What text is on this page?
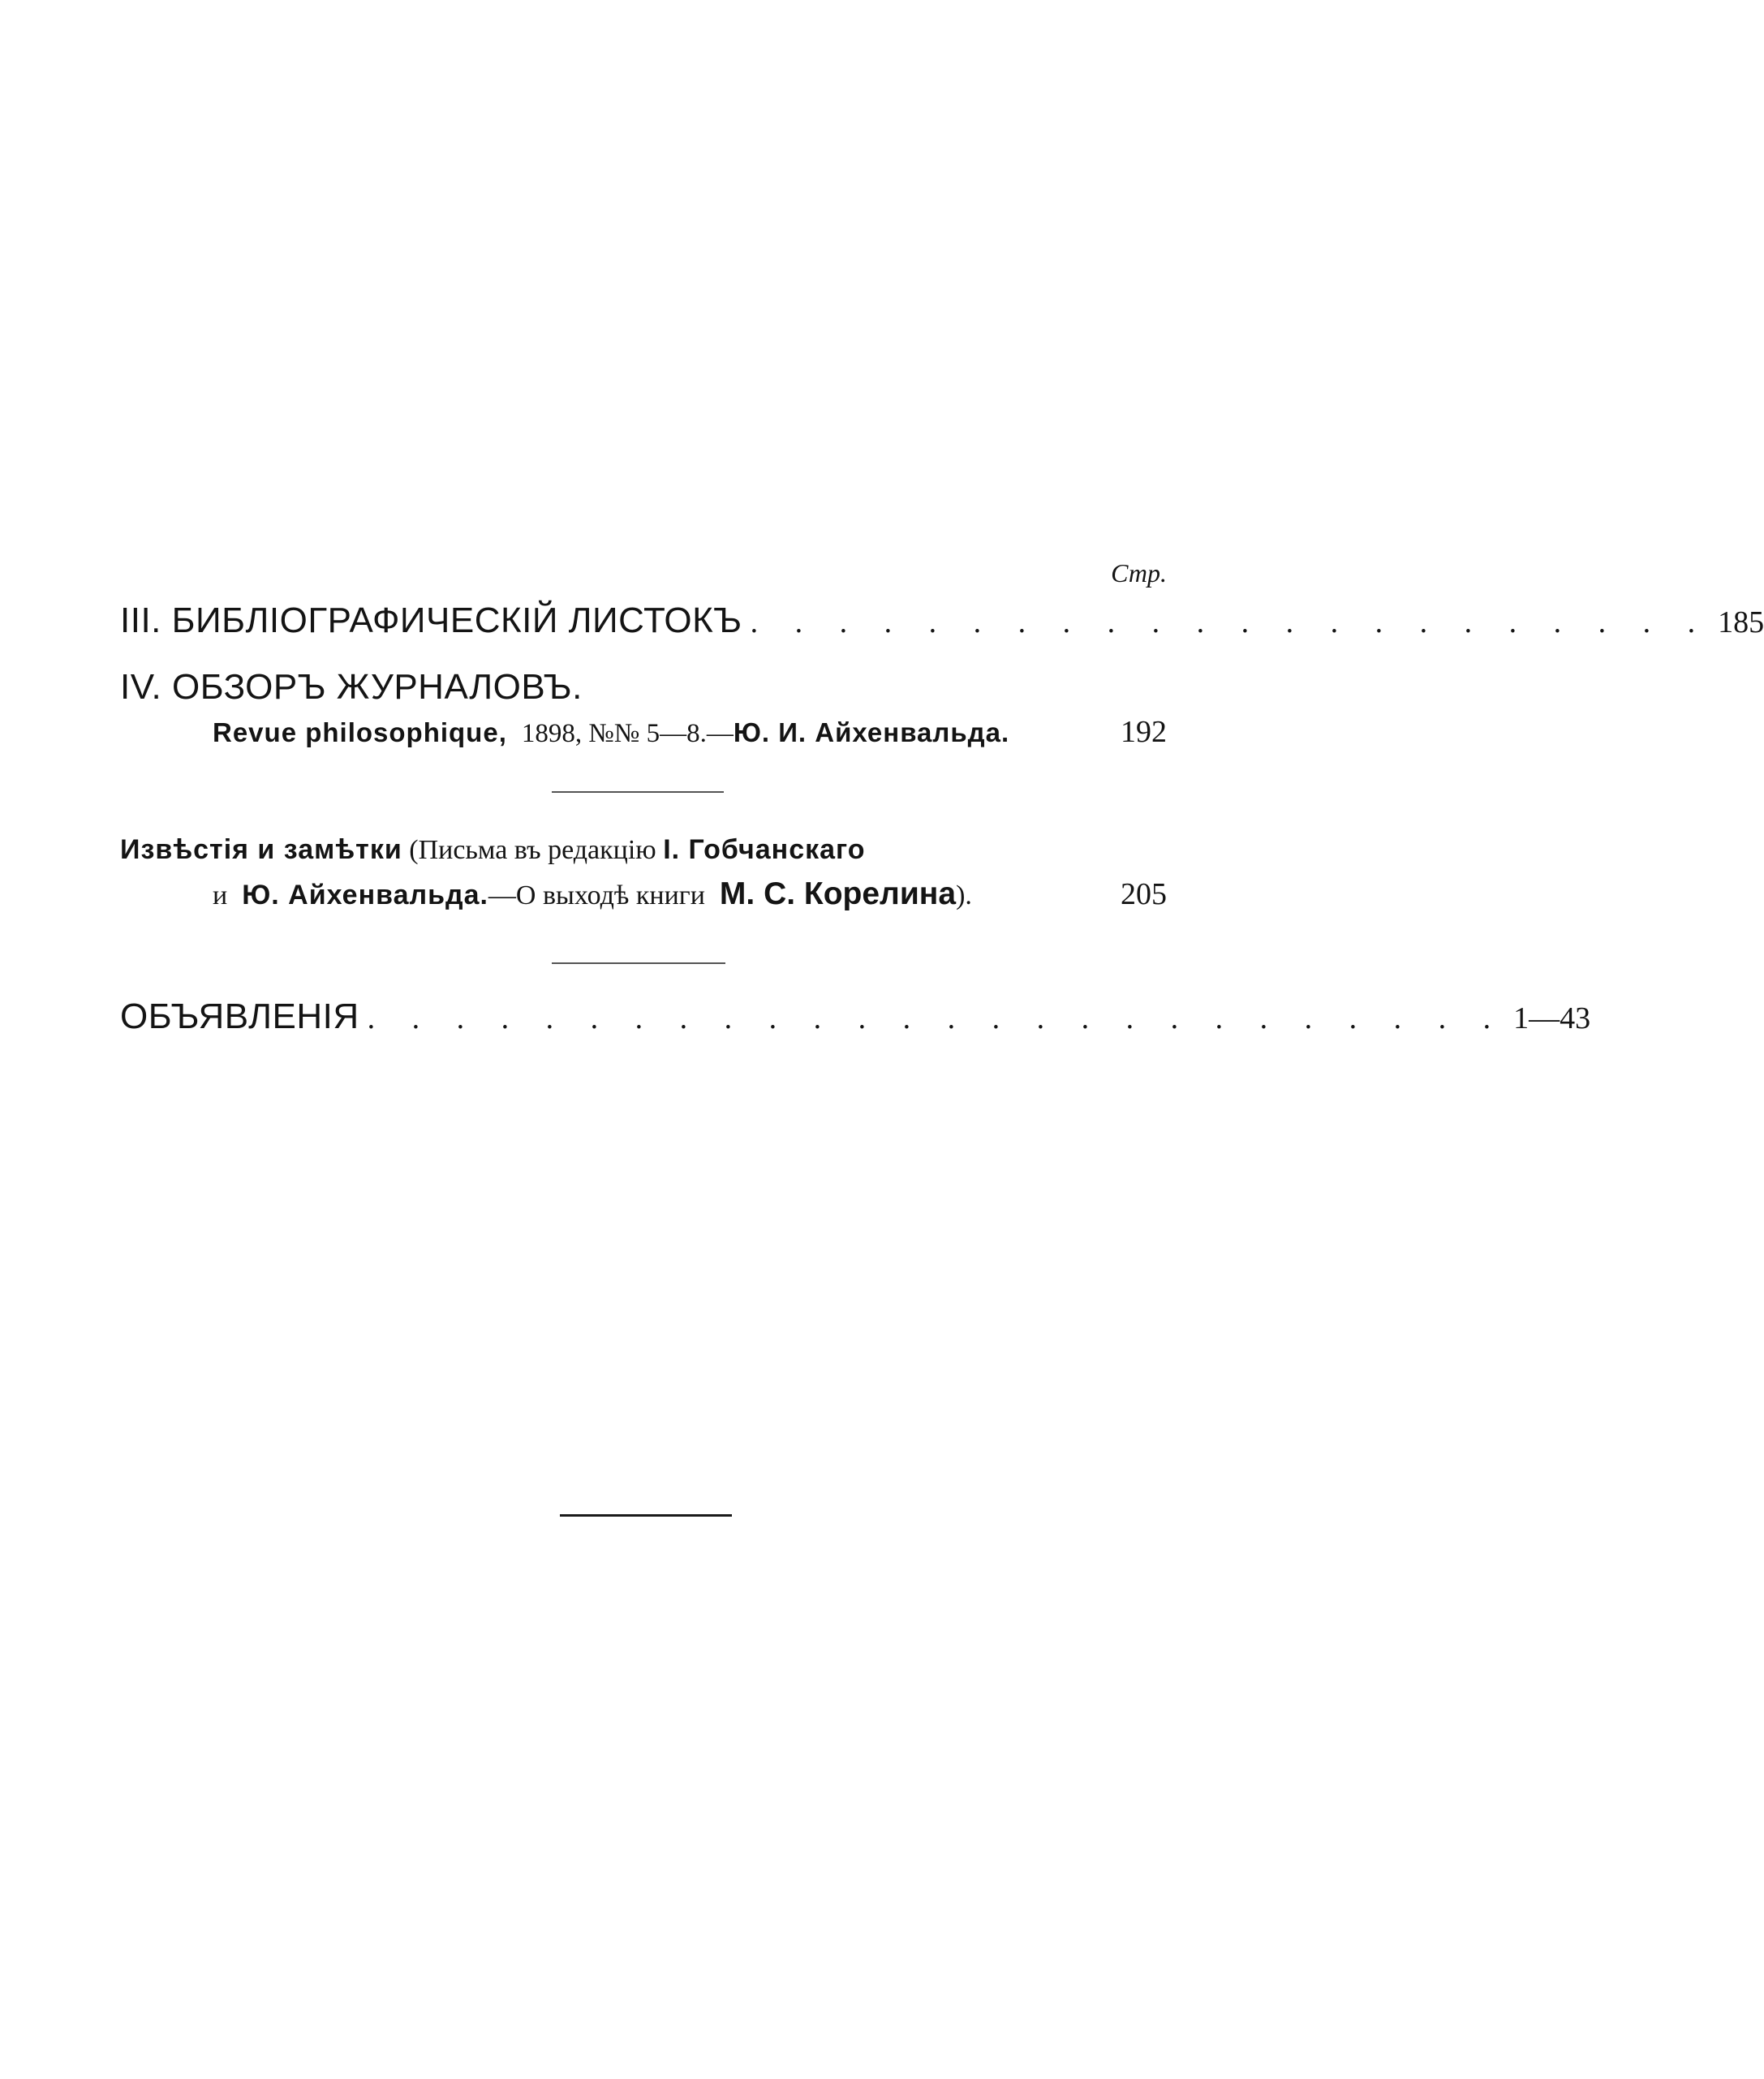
Стр.
III. БИБЛІОГРАФИЧЕСКІЙ ЛИСТОКЪ . . . . . . . . . . . . . . . . . . . . . . 185
IV. ОБЗОРЪ ЖУРНАЛОВЪ.
Revue philosophique, 1898, №№ 5—8.— Ю. И. Айхенвальда.	192
Извѣстія и замѣтки (Письма въ редакцію І. Гобчанскаго
и Ю. Айхенвальда. —О выходѣ книги М. С. Корелина ).	205
ОБЪЯВЛЕНІЯ . . . . . . . . . . . . . . . . . . . . . . . . . . 1—43
